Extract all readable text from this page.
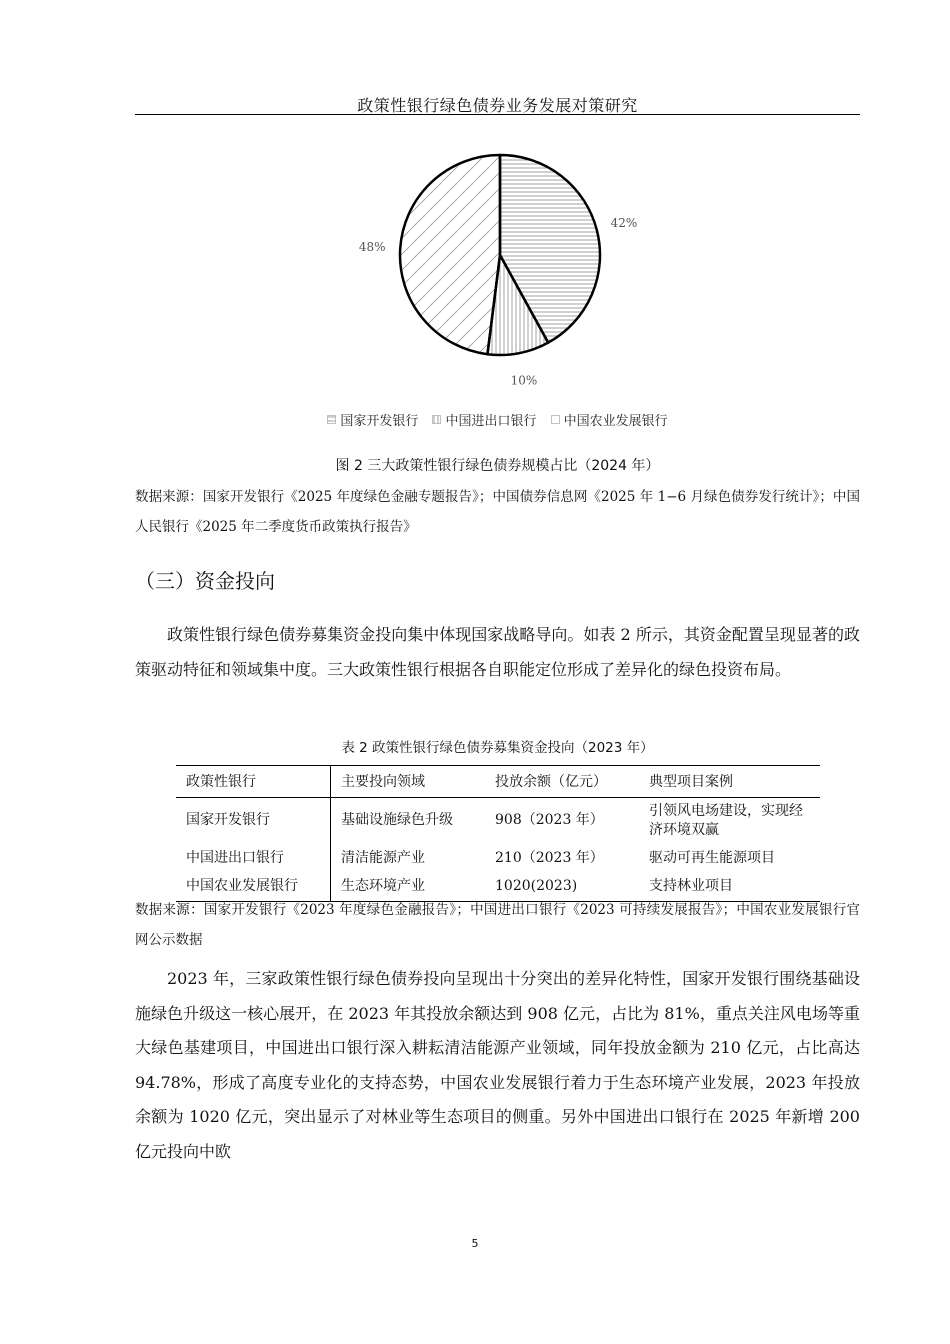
政策性银行绿色债券业务发展对策研究
42%
10%
48%
国家开发银行
中国进出口银行
中国农业发展银行
图 2 三大政策性银行绿色债券规模占比（2024 年）
数据来源：国家开发银行《2025 年度绿色金融专题报告》；中国债券信息网《2025 年 1−6 月绿色债券发行统计》；中国人民银行《2025 年二季度货币政策执行报告》
（三）资金投向

政策性银行绿色债券募集资金投向集中体现国家战略导向。如表 2 所示，其资金配置呈现显著的政策驱动特征和领域集中度。三大政策性银行根据各自职能定位形成了差异化的绿色投资布局。

表 2 政策性银行绿色债券募集资金投向（2023 年）
政策性银行	主要投向领域	投放余额（亿元）	典型项目案例
国家开发银行	基础设施绿色升级	908（2023 年）	引领风电场建设，实现经济环境双赢
中国进出口银行	清洁能源产业	210（2023 年）	驱动可再生能源项目
中国农业发展银行	生态环境产业	1020(2023)	支持林业项目
数据来源：国家开发银行《2023 年度绿色金融报告》；中国进出口银行《2023 可持续发展报告》；中国农业发展银行官网公示数据

2023 年，三家政策性银行绿色债券投向呈现出十分突出的差异化特性，国家开发银行围绕基础设施绿色升级这一核心展开，在 2023 年其投放余额达到 908 亿元，占比为 81%，重点关注风电场等重大绿色基建项目，中国进出口银行深入耕耘清洁能源产业领域，同年投放金额为 210 亿元，占比高达 94.78%，形成了高度专业化的支持态势，中国农业发展银行着力于生态环境产业发展，2023 年投放余额为 1020 亿元，突出显示了对林业等生态项目的侧重。另外中国进出口银行在 2025 年新增 200 亿元投向中欧

5
